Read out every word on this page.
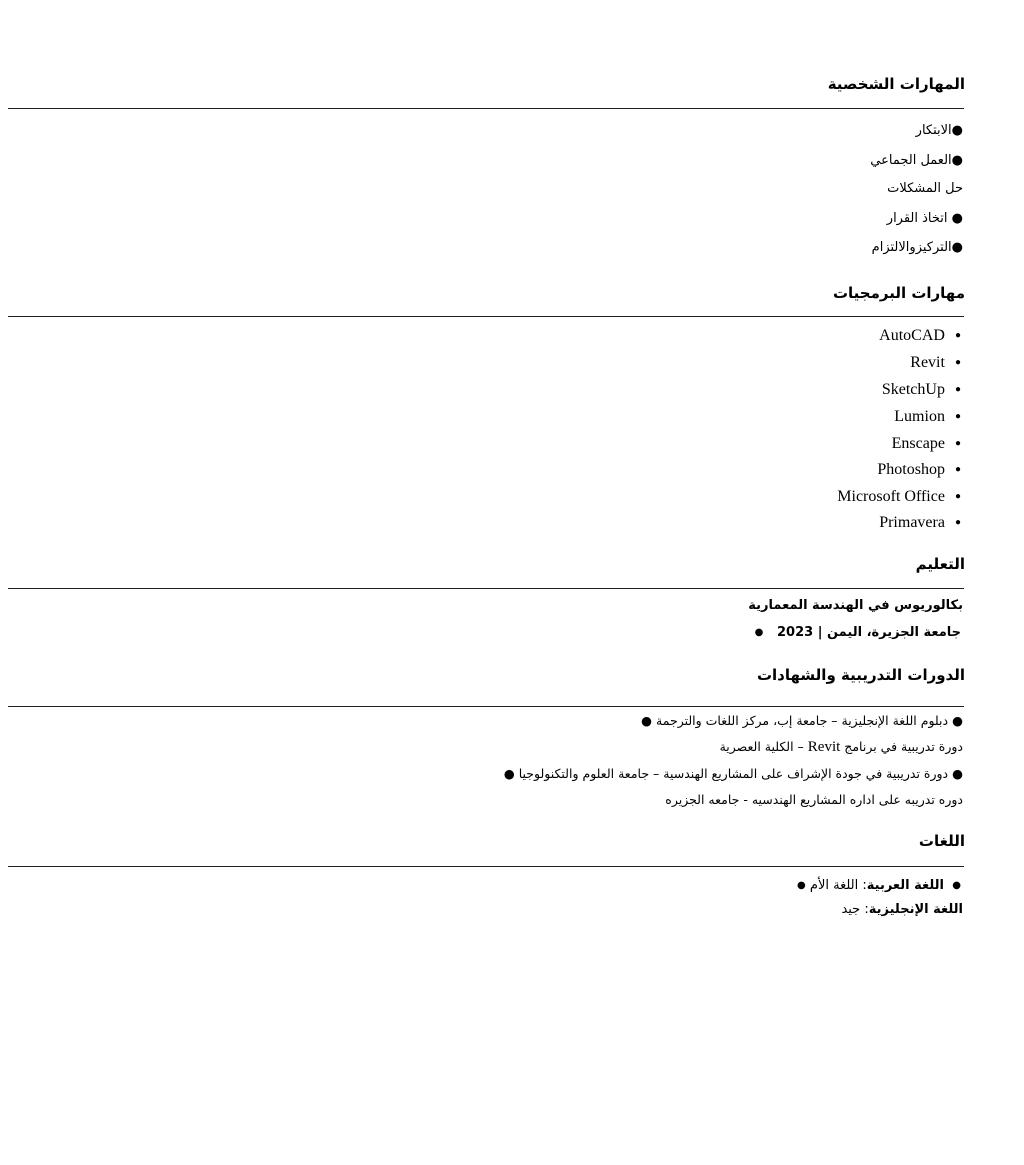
المهارات الشخصية
●الابتكار
●العمل الجماعي
حل المشكلات
● اتخاذ القرار
●التركيزوالالتزام
مهارات البرمجيات
AutoCAD ●
Revit ●
SketchUp ●
Lumion ●
Enscape ●
Photoshop ●
Microsoft Office ●
Primavera ●
التعليم
بكالوريوس في الهندسة المعمارية
جامعة الجزيرة، اليمن | 2023   ●
الدورات التدريبية والشهادات
● دبلوم اللغة الإنجليزية – جامعة إب، مركز اللغات والترجمة ●
دورة تدريبية في برنامج Revit – الكلية العصرية
● دورة تدريبية في جودة الإشراف على المشاريع الهندسية – جامعة العلوم والتكنولوجيا ●
دوره تدريبه على اداره المشاريع الهندسيه - جامعه الجزيره
اللغات
●  اللغة العربية: اللغة الأم ●
اللغة الإنجليزية: جيد
